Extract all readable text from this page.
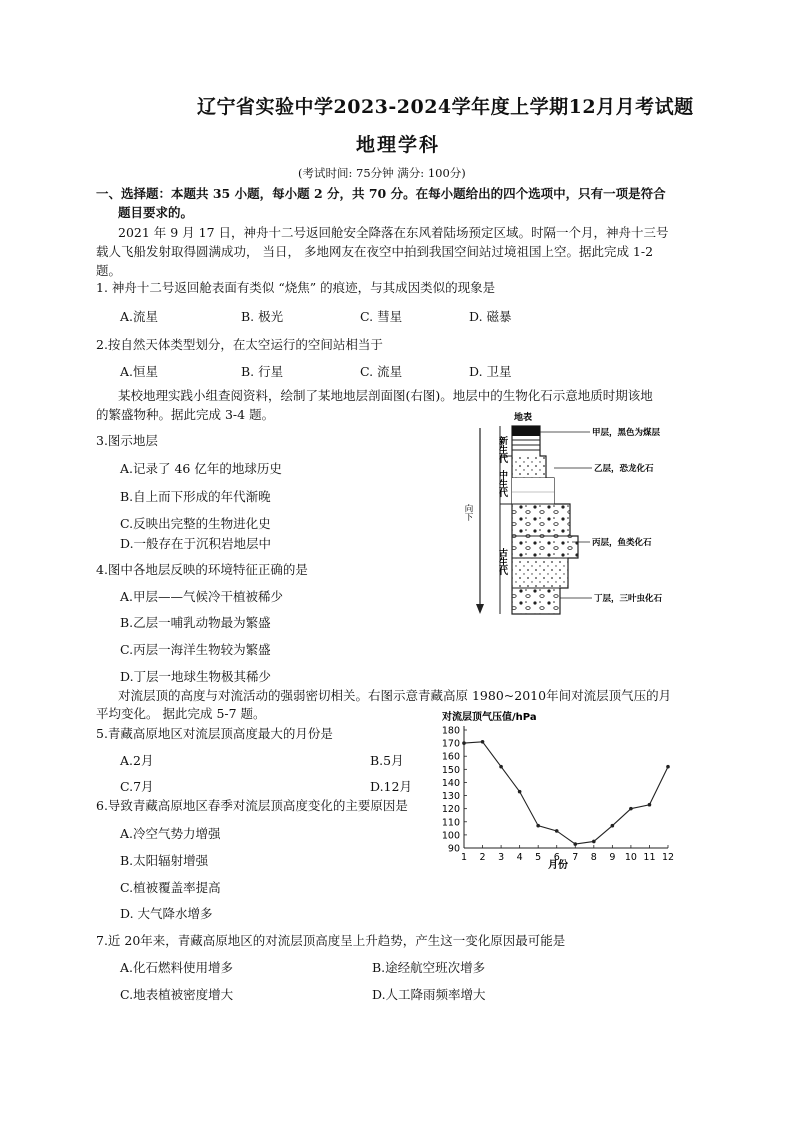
辽宁省实验中学2023-2024学年度上学期12月月考试题
地理学科
(考试时间: 75分钟 满分: 100分)
一、选择题：本题共 35 小题，每小题 2 分，共 70 分。在每小题给出的四个选项中，只有一项是符合
题目要求的。
2021 年 9 月 17 日，神舟十二号返回舱安全降落在东风着陆场预定区域。时隔一个月，神舟十三号
载人飞船发射取得圆满成功， 当日， 多地网友在夜空中拍到我国空间站过境祖国上空。据此完成 1-2
题。
1. 神舟十二号返回舱表面有类似 “烧焦” 的痕迹，与其成因类似的现象是
A.流星	B. 极光	C. 彗星	D. 磁暴
2.按自然天体类型划分，在太空运行的空间站相当于
A.恒星	B. 行星	C. 流星	D. 卫星
某校地理实践小组查阅资料，绘制了某地地层剖面图(右图)。地层中的生物化石示意地质时期该地
的繁盛物种。据此完成 3-4 题。
3.图示地层
A.记录了 46 亿年的地球历史
B.自上而下形成的年代渐晚
C.反映出完整的生物进化史
D.一般存在于沉积岩地层中
4.图中各地层反映的环境特征正确的是
A.甲层——气候冷干植被稀少
B.乙层一哺乳动物最为繁盛
C.丙层一海洋生物较为繁盛
D.丁层一地球生物极其稀少
新生代
中生代
古生代
向下
地表
甲层，黑色为煤层
乙层，恐龙化石
丙层，鱼类化石
丁层，三叶虫化石
对流层顶的高度与对流活动的强弱密切相关。右图示意青藏高原 1980~2010年间对流层顶气压的月
平均变化。 据此完成 5-7 题。
5.青藏高原地区对流层顶高度最大的月份是
A.2月	B.5月
C.7月	D.12月
6.导致青藏高原地区春季对流层顶高度变化的主要原因是
A.冷空气势力增强
B.太阳辐射增强
C.植被覆盖率提高
D. 大气降水增多
7.近 20年来，青藏高原地区的对流层顶高度呈上升趋势，产生这一变化原因最可能是
A.化石燃料使用增多	B.途经航空班次增多
C.地表植被密度增大	D.人工降雨频率增大
对流层顶气压值/hPa
月份
90
100
110
120
130
140
150
160
170
180
1 2 3 4 5 6 7 8 9 10 11 12
